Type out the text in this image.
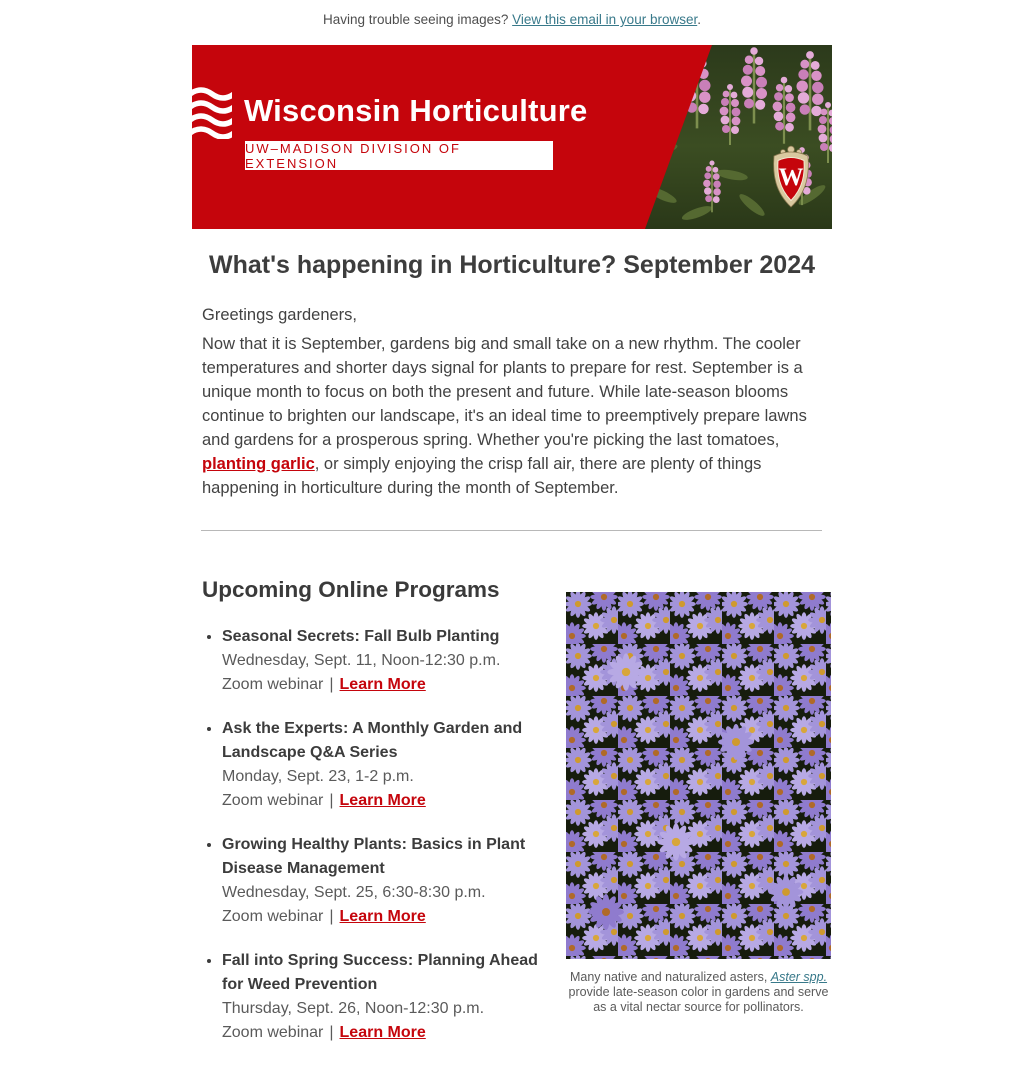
Having trouble seeing images? View this email in your browser.
Wisconsin Horticulture
UW–MADISON DIVISION OF EXTENSION
W
What's happening in Horticulture? September 2024

Greetings gardeners,

Now that it is September, gardens big and small take on a new rhythm. The cooler temperatures and shorter days signal for plants to prepare for rest. September is a unique month to focus on both the present and future. While late-season blooms continue to brighten our landscape, it's an ideal time to preemptively prepare lawns and gardens for a prosperous spring. Whether you're picking the last tomatoes, planting garlic, or simply enjoying the crisp fall air, there are plenty of things happening in horticulture during the month of September.

Upcoming Online Programs
• Seasonal Secrets: Fall Bulb Planting
Wednesday, Sept. 11, Noon-12:30 p.m.
Zoom webinar | Learn More
• Ask the Experts: A Monthly Garden and Landscape Q&A Series
Monday, Sept. 23, 1-2 p.m.
Zoom webinar | Learn More
• Growing Healthy Plants: Basics in Plant Disease Management
Wednesday, Sept. 25, 6:30-8:30 p.m.
Zoom webinar | Learn More
• Fall into Spring Success: Planning Ahead for Weed Prevention
Thursday, Sept. 26, Noon-12:30 p.m.
Zoom webinar | Learn More
Many native and naturalized asters, Aster spp. provide late-season color in gardens and serve as a vital nectar source for pollinators.
